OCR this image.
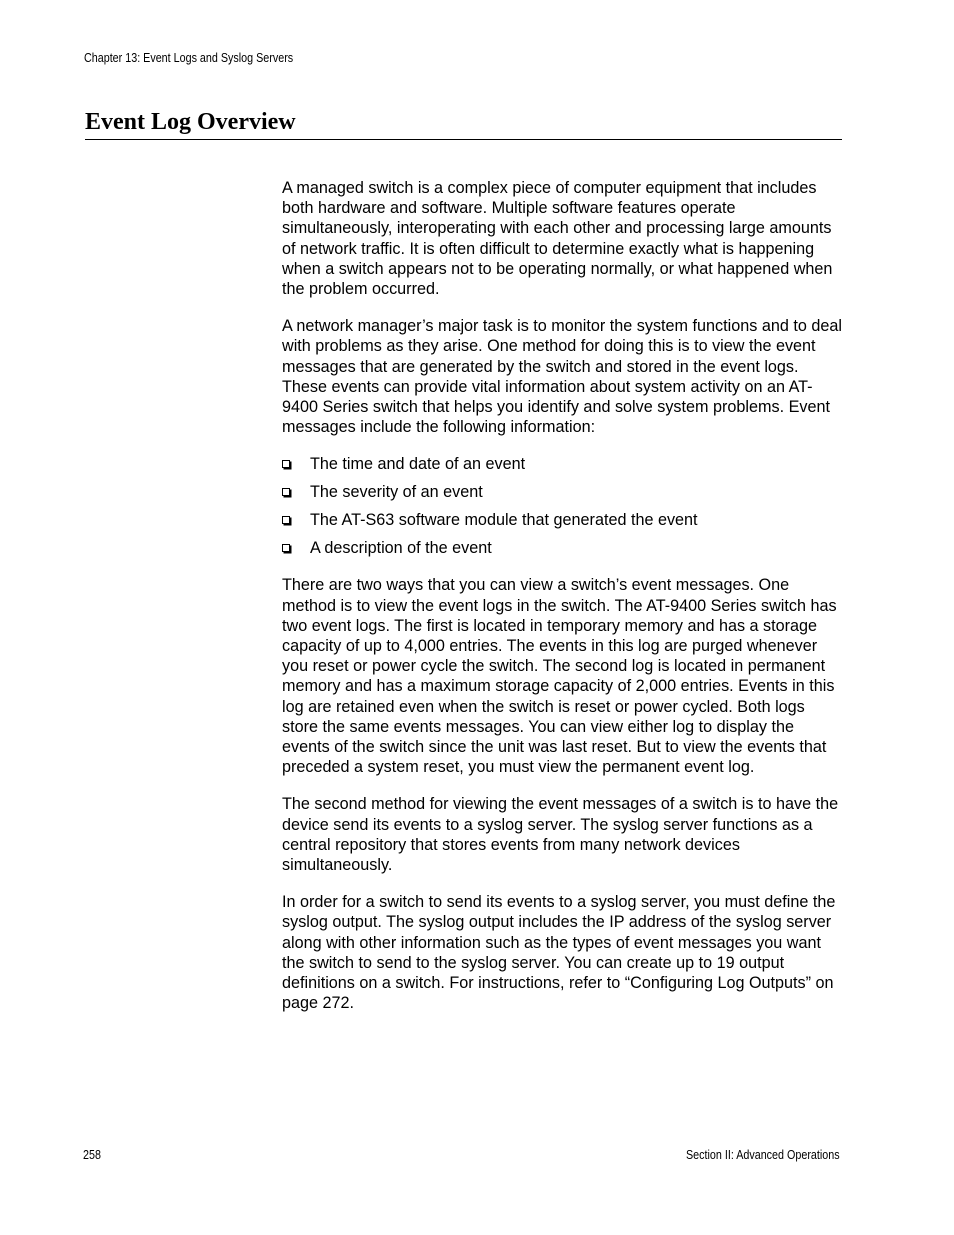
Chapter 13: Event Logs and Syslog Servers
Event Log Overview

A managed switch is a complex piece of computer equipment that includes both hardware and software. Multiple software features operate simultaneously, interoperating with each other and processing large amounts of network traffic. It is often difficult to determine exactly what is happening when a switch appears not to be operating normally, or what happened when the problem occurred.

A network manager’s major task is to monitor the system functions and to deal with problems as they arise. One method for doing this is to view the event messages that are generated by the switch and stored in the event logs. These events can provide vital information about system activity on an AT-9400 Series switch that helps you identify and solve system problems. Event messages include the following information:

The time and date of an event
The severity of an event
The AT-S63 software module that generated the event
A description of the event

There are two ways that you can view a switch’s event messages. One method is to view the event logs in the switch. The AT-9400 Series switch has two event logs. The first is located in temporary memory and has a storage capacity of up to 4,000 entries. The events in this log are purged whenever you reset or power cycle the switch. The second log is located in permanent memory and has a maximum storage capacity of 2,000 entries. Events in this log are retained even when the switch is reset or power cycled. Both logs store the same events messages. You can view either log to display the events of the switch since the unit was last reset. But to view the events that preceded a system reset, you must view the permanent event log.

The second method for viewing the event messages of a switch is to have the device send its events to a syslog server. The syslog server functions as a central repository that stores events from many network devices simultaneously.

In order for a switch to send its events to a syslog server, you must define the syslog output. The syslog output includes the IP address of the syslog server along with other information such as the types of event messages you want the switch to send to the syslog server. You can create up to 19 output definitions on a switch. For instructions, refer to “Configuring Log Outputs” on page 272.

258	Section II: Advanced Operations
